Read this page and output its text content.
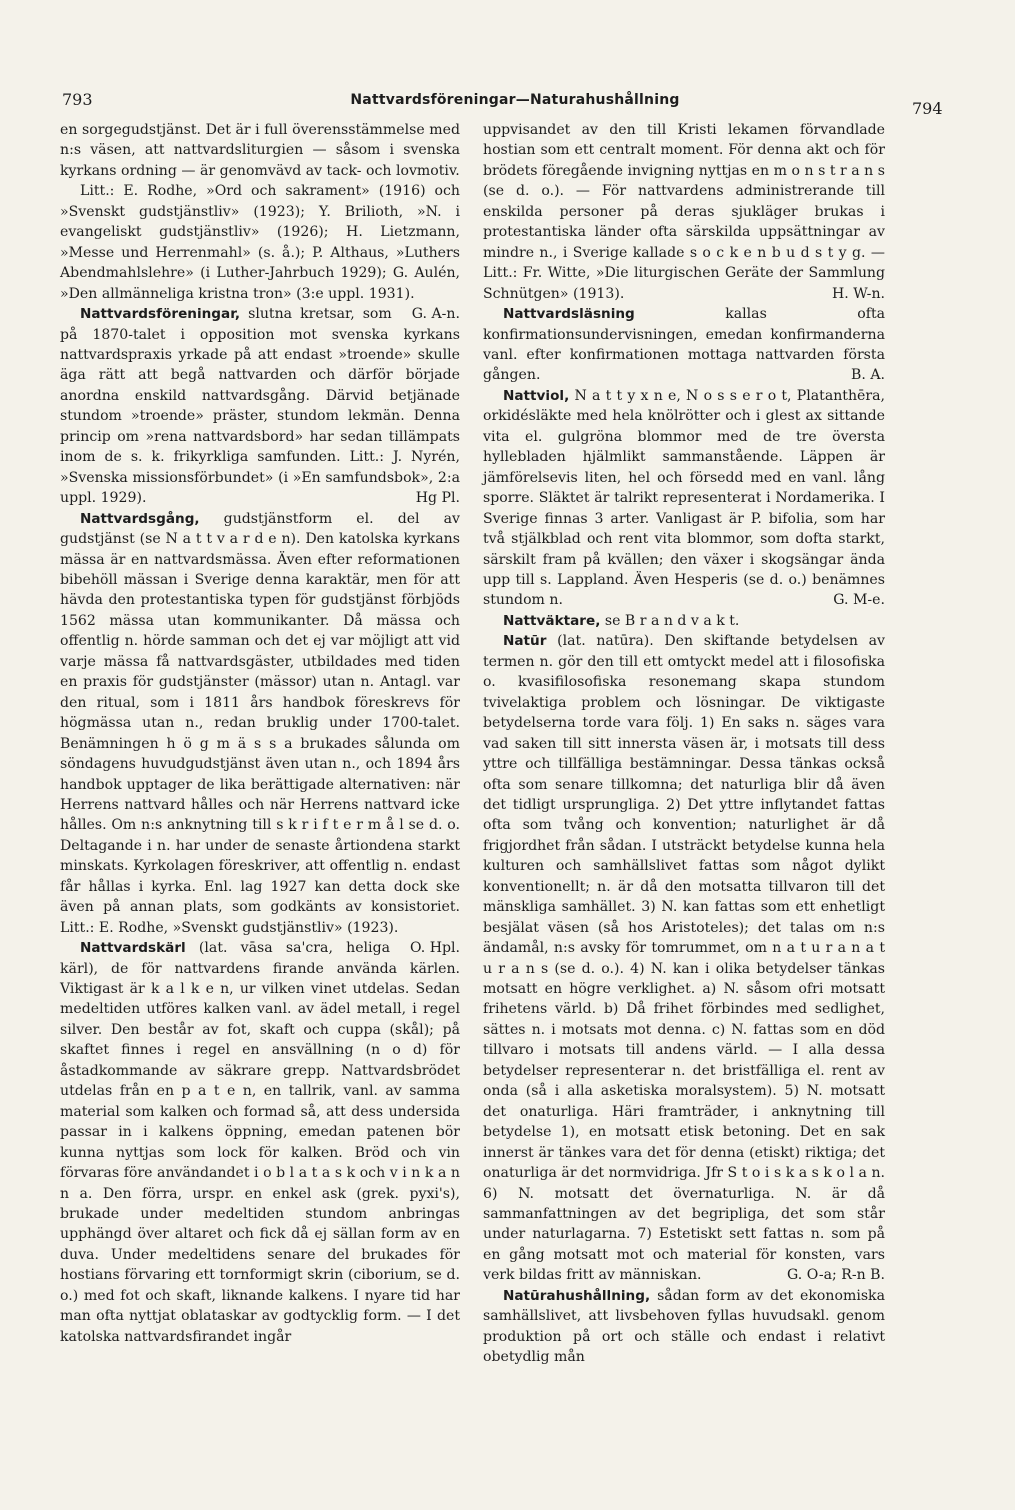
793	Nattvardsföreningar—Naturahushållning	794

en sorgegudstjänst. Det är i full överensstämmelse med n:s väsen, att nattvardsliturgien — såsom i svenska kyrkans ordning — är genomvävd av tack- och lovmotiv.

Litt.: E. Rodhe, »Ord och sakrament» (1916) och »Svenskt gudstjänstliv» (1923); Y. Brilioth, »N. i evangeliskt gudstjänstliv» (1926); H. Lietzmann, »Messe und Herrenmahl» (s. å.); P. Althaus, »Luthers Abendmahlslehre» (i Luther-Jahrbuch 1929); G. Aulén, »Den allmänneliga kristna tron» (3:e uppl. 1931).
G. A-n.

Nattvardsföreningar, slutna kretsar, som på 1870-talet i opposition mot svenska kyrkans nattvardspraxis yrkade på att endast »troende» skulle äga rätt att begå nattvarden och därför började anordna enskild nattvardsgång. Därvid betjänade stundom »troende» präster, stundom lekmän. Denna princip om »rena nattvardsbord» har sedan tillämpats inom de s. k. frikyrkliga samfunden. Litt.: J. Nyrén, »Svenska missionsförbundet» (i »En samfundsbok», 2:a uppl. 1929).	Hg Pl.

Nattvardsgång, gudstjänstform el. del av gudstjänst (se N a t t v a r d e n). Den katolska kyrkans mässa är en nattvardsmässa. Även efter reformationen bibehöll mässan i Sverige denna karaktär, men för att hävda den protestantiska typen för gudstjänst förbjöds 1562 mässa utan kommunikanter. Då mässa och offentlig n. hörde samman och det ej var möjligt att vid varje mässa få nattvardsgäster, utbildades med tiden en praxis för gudstjänster (mässor) utan n. Antagl. var den ritual, som i 1811 års handbok föreskrevs för högmässa utan n., redan bruklig under 1700-talet. Benämningen h ö g m ä s s a brukades sålunda om söndagens huvudgudstjänst även utan n., och 1894 års handbok upptager de lika berättigade alternativen: när Herrens nattvard hålles och när Herrens nattvard icke hålles. Om n:s anknytning till s k r i f t e r m å l se d. o. Deltagande i n. har under de senaste årtiondena starkt minskats. Kyrkolagen föreskriver, att offentlig n. endast får hållas i kyrka. Enl. lag 1927 kan detta dock ske även på annan plats, som godkänts av konsistoriet. Litt.: E. Rodhe, »Svenskt gudstjänstliv» (1923).
O. Hpl.

Nattvardskärl (lat. vāsa sa'cra, heliga kärl), de för nattvardens firande använda kärlen. Viktigast är k a l k e n, ur vilken vinet utdelas. Sedan medeltiden utföres kalken vanl. av ädel metall, i regel silver. Den består av fot, skaft och cuppa (skål); på skaftet finnes i regel en ansvällning (n o d) för åstadkommande av säkrare grepp. Nattvardsbrödet utdelas från en p a t e n, en tallrik, vanl. av samma material som kalken och formad så, att dess undersida passar in i kalkens öppning, emedan patenen bör kunna nyttjas som lock för kalken. Bröd och vin förvaras före användandet i o b l a t a s k och v i n k a n n a. Den förra, urspr. en enkel ask (grek. pyxi's), brukade under medeltiden stundom anbringas upphängd över altaret och fick då ej sällan form av en duva. Under medeltidens senare del brukades för hostians förvaring ett tornformigt skrin (ciborium, se d. o.) med fot och skaft, liknande kalkens. I nyare tid har man ofta nyttjat oblataskar av godtycklig form. — I det katolska nattvardsfirandet ingår

uppvisandet av den till Kristi lekamen förvandlade hostian som ett centralt moment. För denna akt och för brödets föregående invigning nyttjas en m o n s t r a n s (se d. o.). — För nattvardens administrerande till enskilda personer på deras sjukläger brukas i protestantiska länder ofta särskilda uppsättningar av mindre n., i Sverige kallade s o c k e n b u d s t y g. — Litt.: Fr. Witte, »Die liturgischen Geräte der Sammlung Schnütgen» (1913).	H. W-n.

Nattvardsläsning	kallas ofta konfirmationsundervisningen, emedan konfirmanderna vanl. efter konfirmationen mottaga nattvarden första gången.	B. A.

Nattviol, N a t t y x n e, N o s s e r o t, Platanthēra, orkidésläkte med hela knölrötter och i glest ax sittande vita el. gulgröna blommor med de tre översta hyllebladen hjälmlikt sammanstående. Läppen är jämförelsevis liten, hel och försedd med en vanl. lång sporre. Släktet är talrikt representerat i Nordamerika. I Sverige finnas 3 arter. Vanligast är P. bifolia, som har två stjälkblad och rent vita blommor, som dofta starkt, särskilt fram på kvällen; den växer i skogsängar ända upp till s. Lappland. Även Hesperis (se d. o.) benämnes stundom n.	G. M-e.

Nattväktare, se B r a n d v a k t.

Natūr (lat. natūra). Den skiftande betydelsen av termen n. gör den till ett omtyckt medel att i filosofiska o. kvasifilosofiska resonemang skapa stundom tvivelaktiga problem och lösningar. De viktigaste betydelserna torde vara följ. 1) En saks n. säges vara vad saken till sitt innersta väsen är, i motsats till dess yttre och tillfälliga bestämningar. Dessa tänkas också ofta som senare tillkomna; det naturliga blir då även det tidligt ursprungliga. 2) Det yttre inflytandet fattas ofta som tvång och konvention; naturlighet är då frigjordhet från sådan. I utsträckt betydelse kunna hela kulturen och samhällslivet fattas som något dylikt konventionellt; n. är då den motsatta tillvaron till det mänskliga samhället. 3) N. kan fattas som ett enhetligt besjälat väsen (så hos Aristoteles); det talas om n:s ändamål, n:s avsky för tomrummet, om n a t u r a n a t u r a n s (se d. o.). 4) N. kan i olika betydelser tänkas motsatt en högre verklighet. a) N. såsom ofri motsatt frihetens värld. b) Då frihet förbindes med sedlighet, sättes n. i motsats mot denna. c) N. fattas som en död tillvaro i motsats till andens värld. — I alla dessa betydelser representerar n. det bristfälliga el. rent av onda (så i alla asketiska moralsystem). 5) N. motsatt det onaturliga. Häri framträder, i anknytning till betydelse 1), en motsatt etisk betoning. Det en sak innerst är tänkes vara det för denna (etiskt) riktiga; det onaturliga är det normvidriga. Jfr S t o i s k a s k o l a n. 6) N. motsatt det övernaturliga. N. är då sammanfattningen av det begripliga, det som står under naturlagarna. 7) Estetiskt sett fattas n. som på en gång motsatt mot och material för konsten, vars verk bildas fritt av människan.	G. O-a; R-n B.

Natūrahushållning, sådan form av det ekonomiska samhällslivet, att livsbehoven fyllas huvudsakl. genom produktion på ort och ställe och endast i relativt obetydlig mån
